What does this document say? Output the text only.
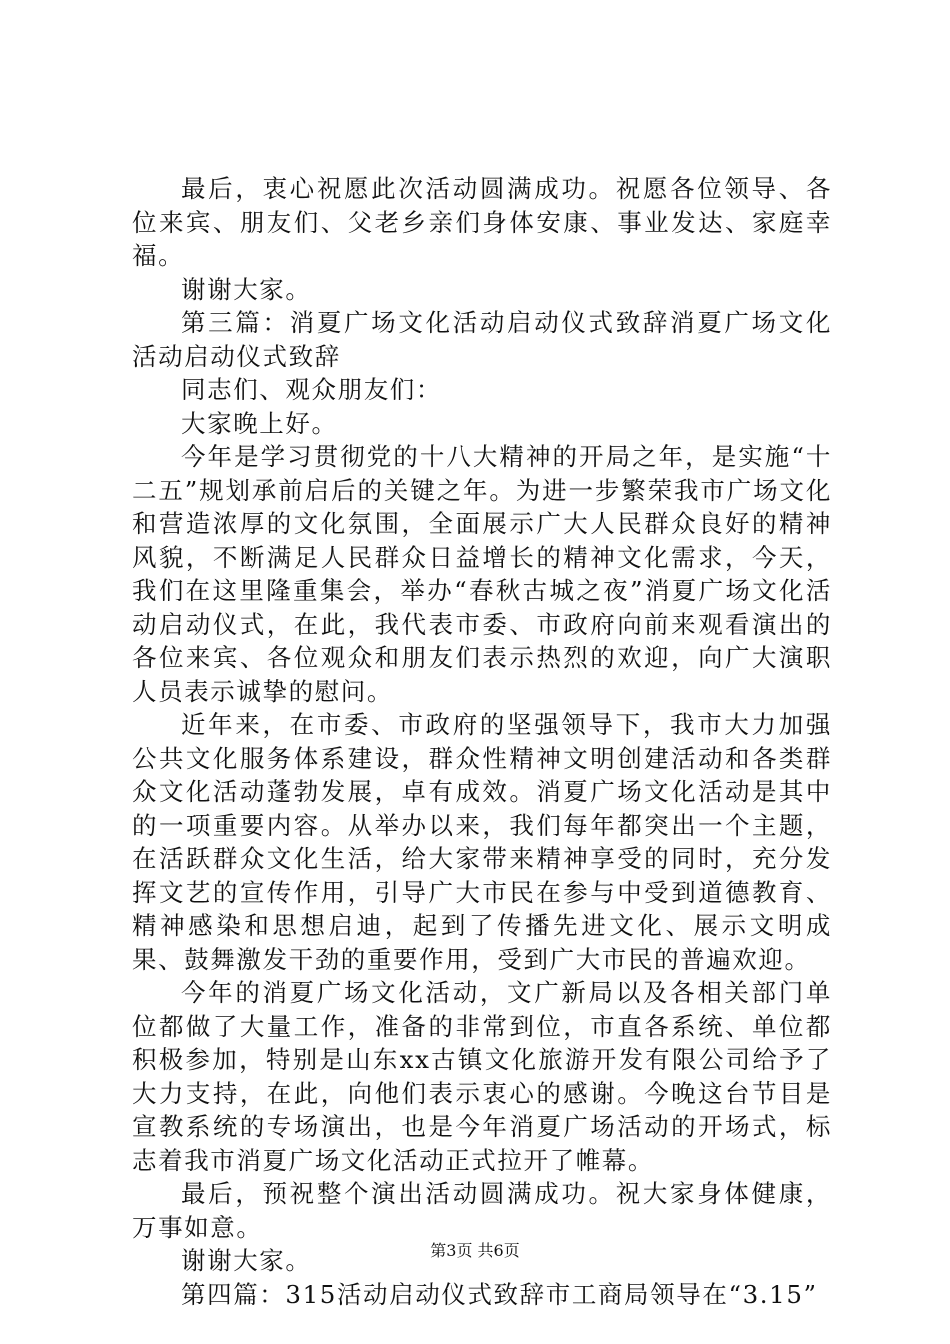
最后，衷心祝愿此次活动圆满成功。祝愿各位领导、各位来宾、朋友们、父老乡亲们身体安康、事业发达、家庭幸福。

谢谢大家。

第三篇：消夏广场文化活动启动仪式致辞消夏广场文化活动启动仪式致辞

同志们、观众朋友们：

大家晚上好。

今年是学习贯彻党的十八大精神的开局之年，是实施“十二五”规划承前启后的关键之年。为进一步繁荣我市广场文化和营造浓厚的文化氛围，全面展示广大人民群众良好的精神风貌，不断满足人民群众日益增长的精神文化需求，今天，我们在这里隆重集会，举办“春秋古城之夜”消夏广场文化活动启动仪式，在此，我代表市委、市政府向前来观看演出的各位来宾、各位观众和朋友们表示热烈的欢迎，向广大演职人员表示诚挚的慰问。

近年来，在市委、市政府的坚强领导下，我市大力加强公共文化服务体系建设，群众性精神文明创建活动和各类群众文化活动蓬勃发展，卓有成效。消夏广场文化活动是其中的一项重要内容。从举办以来，我们每年都突出一个主题，在活跃群众文化生活，给大家带来精神享受的同时，充分发挥文艺的宣传作用，引导广大市民在参与中受到道德教育、精神感染和思想启迪，起到了传播先进文化、展示文明成果、鼓舞激发干劲的重要作用，受到广大市民的普遍欢迎。

今年的消夏广场文化活动，文广新局以及各相关部门单位都做了大量工作，准备的非常到位，市直各系统、单位都积极参加，特别是山东xx古镇文化旅游开发有限公司给予了大力支持，在此，向他们表示衷心的感谢。今晚这台节目是宣教系统的专场演出，也是今年消夏广场活动的开场式，标志着我市消夏广场文化活动正式拉开了帷幕。

最后，预祝整个演出活动圆满成功。祝大家身体健康，万事如意。

谢谢大家。

第四篇：315活动启动仪式致辞市工商局领导在“3.15”

第3页 共6页
